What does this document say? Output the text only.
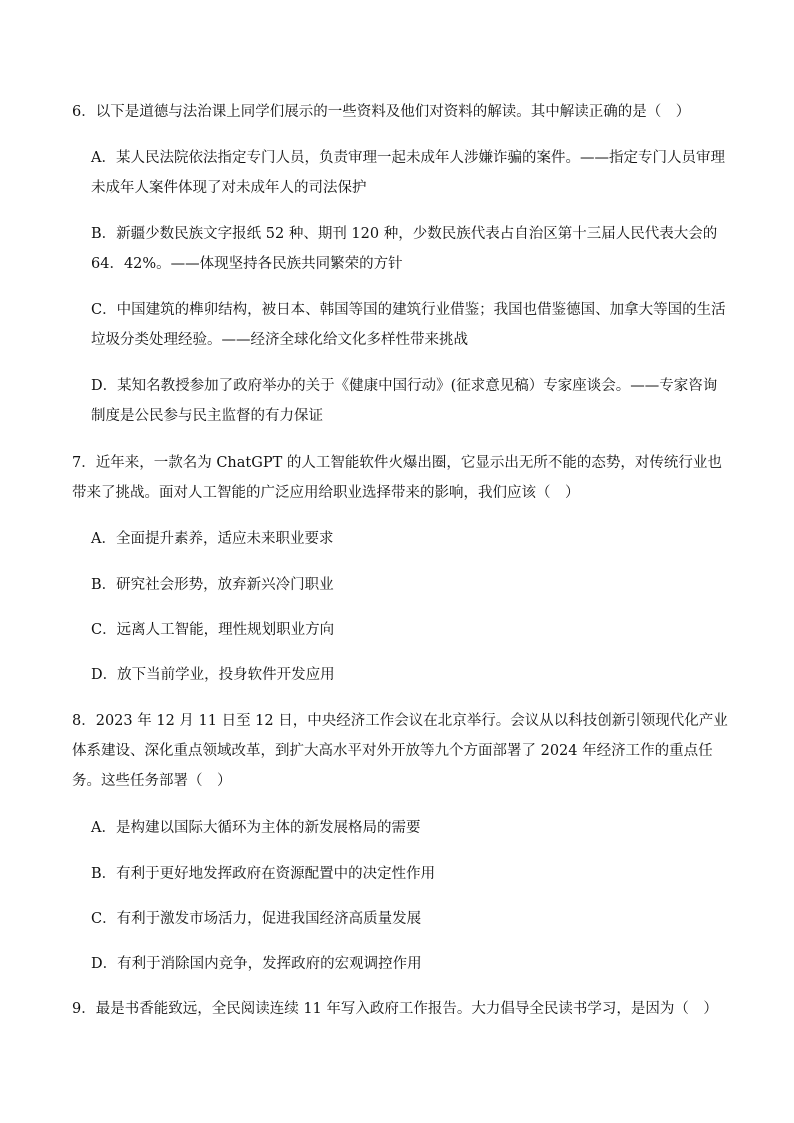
6．以下是道德与法治课上同学们展示的一些资料及他们对资料的解读。其中解读正确的是（　）

A．某人民法院依法指定专门人员，负责审理一起未成年人涉嫌诈骗的案件。——指定专门人员审理未成年人案件体现了对未成年人的司法保护

B．新疆少数民族文字报纸 52 种、期刊 120 种，少数民族代表占自治区第十三届人民代表大会的 64．42%。——体现坚持各民族共同繁荣的方针

C．中国建筑的榫卯结构，被日本、韩国等国的建筑行业借鉴；我国也借鉴德国、加拿大等国的生活垃圾分类处理经验。——经济全球化给文化多样性带来挑战

D．某知名教授参加了政府举办的关于《健康中国行动》(征求意见稿）专家座谈会。——专家咨询制度是公民参与民主监督的有力保证

7．近年来，一款名为 ChatGPT 的人工智能软件火爆出圈，它显示出无所不能的态势，对传统行业也带来了挑战。面对人工智能的广泛应用给职业选择带来的影响，我们应该（　）

A．全面提升素养，适应未来职业要求

B．研究社会形势，放弃新兴冷门职业

C．远离人工智能，理性规划职业方向

D．放下当前学业，投身软件开发应用

8．2023 年 12 月 11 日至 12 日，中央经济工作会议在北京举行。会议从以科技创新引领现代化产业体系建设、深化重点领域改革，到扩大高水平对外开放等九个方面部署了 2024 年经济工作的重点任务。这些任务部署（　）

A．是构建以国际大循环为主体的新发展格局的需要

B．有利于更好地发挥政府在资源配置中的决定性作用

C．有利于激发市场活力，促进我国经济高质量发展

D．有利于消除国内竞争，发挥政府的宏观调控作用

9．最是书香能致远，全民阅读连续 11 年写入政府工作报告。大力倡导全民读书学习，是因为（　）
